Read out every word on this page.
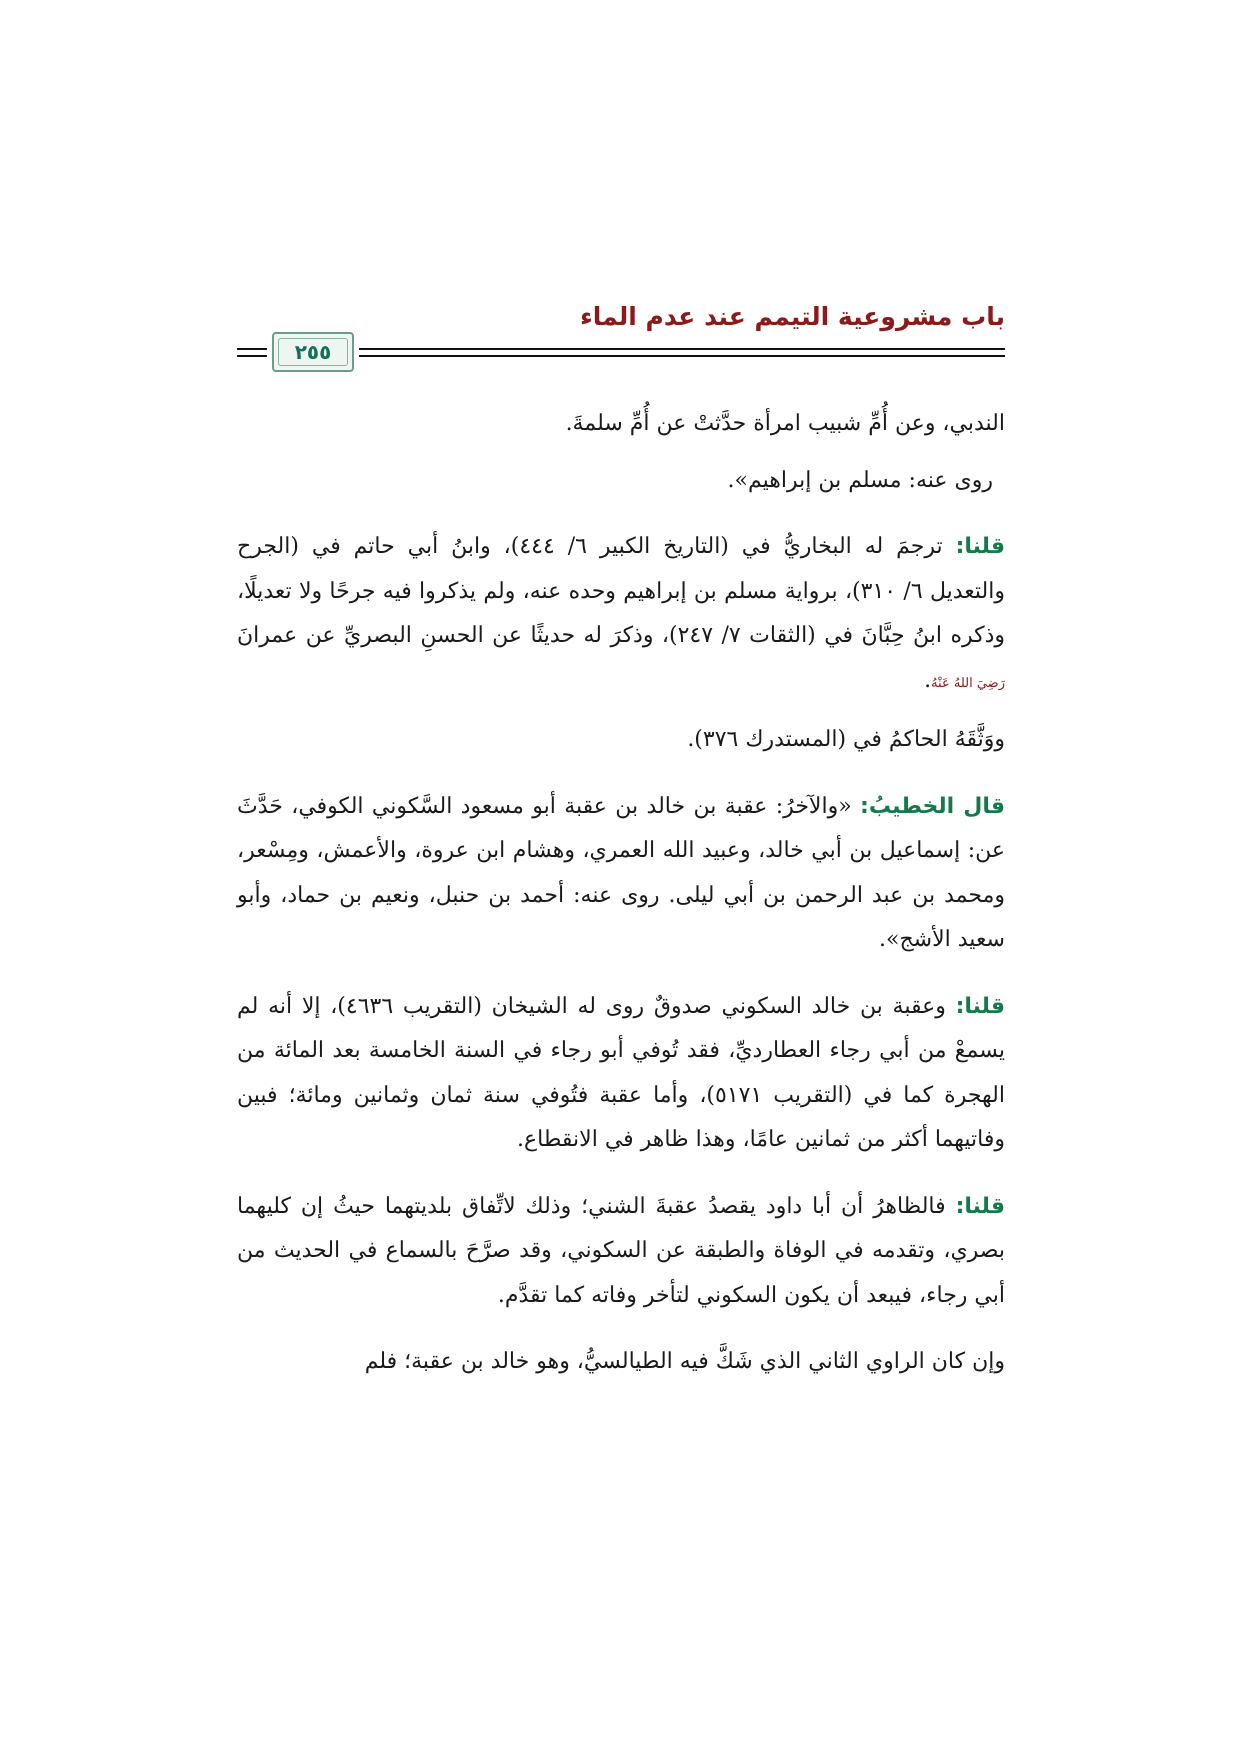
باب مشروعية التيمم عند عدم الماء
٢٥٥

الندبي، وعن أُمِّ شبيب امرأة حدَّثتْ عن أُمِّ سلمةَ.

روى عنه: مسلم بن إبراهيم».

قلنا: ترجمَ له البخاريُّ في (التاريخ الكبير ٦/ ٤٤٤)، وابنُ أبي حاتم في (الجرح والتعديل ٦/ ٣١٠)، برواية مسلم بن إبراهيم وحده عنه، ولم يذكروا فيه جرحًا ولا تعديلًا، وذكره ابنُ حِبَّانَ في (الثقات ٧/ ٢٤٧)، وذكرَ له حديثًا عن الحسنِ البصريِّ عن عمرانَ رَضِيَ اللهُ عَنْهُ.

ووَثَّقَهُ الحاكمُ في (المستدرك ٣٧٦).

قال الخطيبُ: «والآخرُ: عقبة بن خالد بن عقبة أبو مسعود السَّكوني الكوفي، حَدَّثَ عن: إسماعيل بن أبي خالد، وعبيد الله العمري، وهشام ابن عروة، والأعمش، ومِسْعر، ومحمد بن عبد الرحمن بن أبي ليلى. روى عنه: أحمد بن حنبل، ونعيم بن حماد، وأبو سعيد الأشج».

قلنا: وعقبة بن خالد السكوني صدوقٌ روى له الشيخان (التقريب ٤٦٣٦)، إلا أنه لم يسمعْ من أبي رجاء العطارديِّ، فقد تُوفي أبو رجاء في السنة الخامسة بعد المائة من الهجرة كما في (التقريب ٥١٧١)، وأما عقبة فتُوفي سنة ثمان وثمانين ومائة؛ فبين وفاتيهما أكثر من ثمانين عامًا، وهذا ظاهر في الانقطاع.

قلنا: فالظاهرُ أن أبا داود يقصدُ عقبةَ الشني؛ وذلك لاتِّفاق بلديتهما حيثُ إن كليهما بصري، وتقدمه في الوفاة والطبقة عن السكوني، وقد صرَّحَ بالسماع في الحديث من أبي رجاء، فيبعد أن يكون السكوني لتأخر وفاته كما تقدَّم.

وإن كان الراوي الثاني الذي شَكَّ فيه الطيالسيُّ، وهو خالد بن عقبة؛ فلم
